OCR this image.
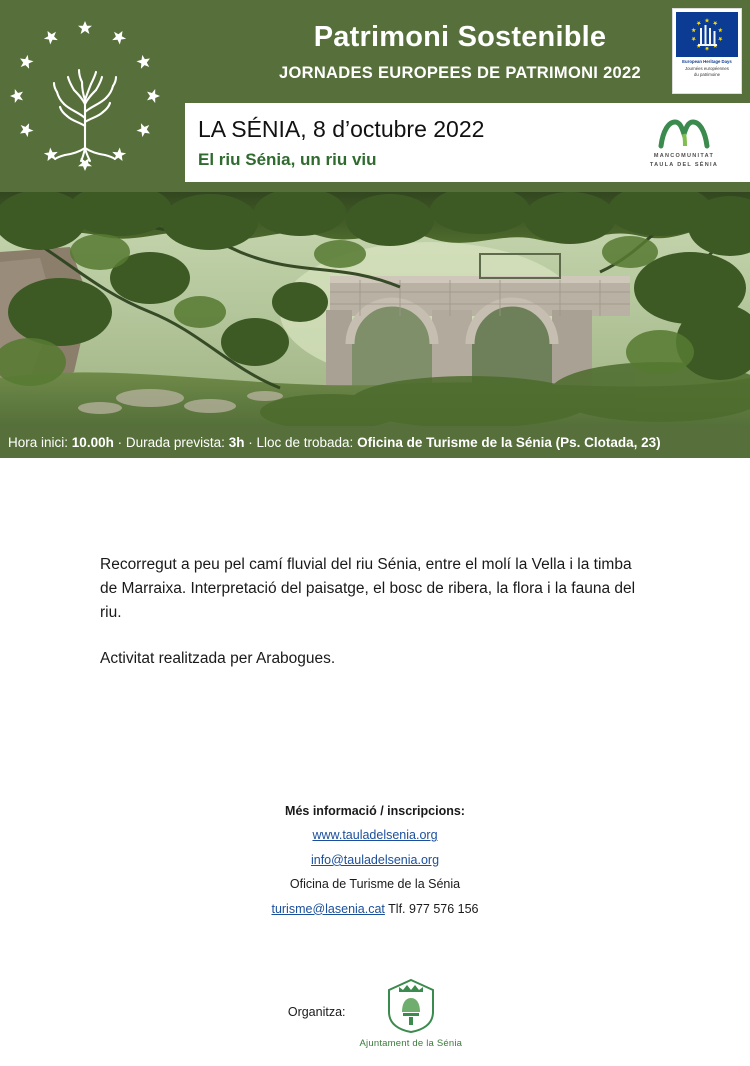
Patrimoni Sostenible
JORNADES EUROPEES DE PATRIMONI 2022
European Heritage Days
Journées européennes
du patrimoine
LA SÉNIA, 8 d’octubre 2022
El riu Sénia, un riu viu	MANCOMUNITAT
TAULA DEL SÉNIA
Hora inici:
10.00h
·
Durada prevista:
3h
·
Lloc de trobada:
Oficina de Turisme de la Sénia (Ps. Clotada, 23)

Recorregut a peu pel camí fluvial del riu Sénia, entre el molí la Vella i la timba de Marraixa. Interpretació del paisatge, el bosc de ribera, la flora i la fauna del riu.

Activitat realitzada per Arabogues.

Més informació / inscripcions:
www.tauladelsenia.org
info@tauladelsenia.org
Oficina de Turisme de la Sénia
turisme@lasenia.cat Tlf. 977 576 156
Organitza:
Ajuntament de la Sénia
